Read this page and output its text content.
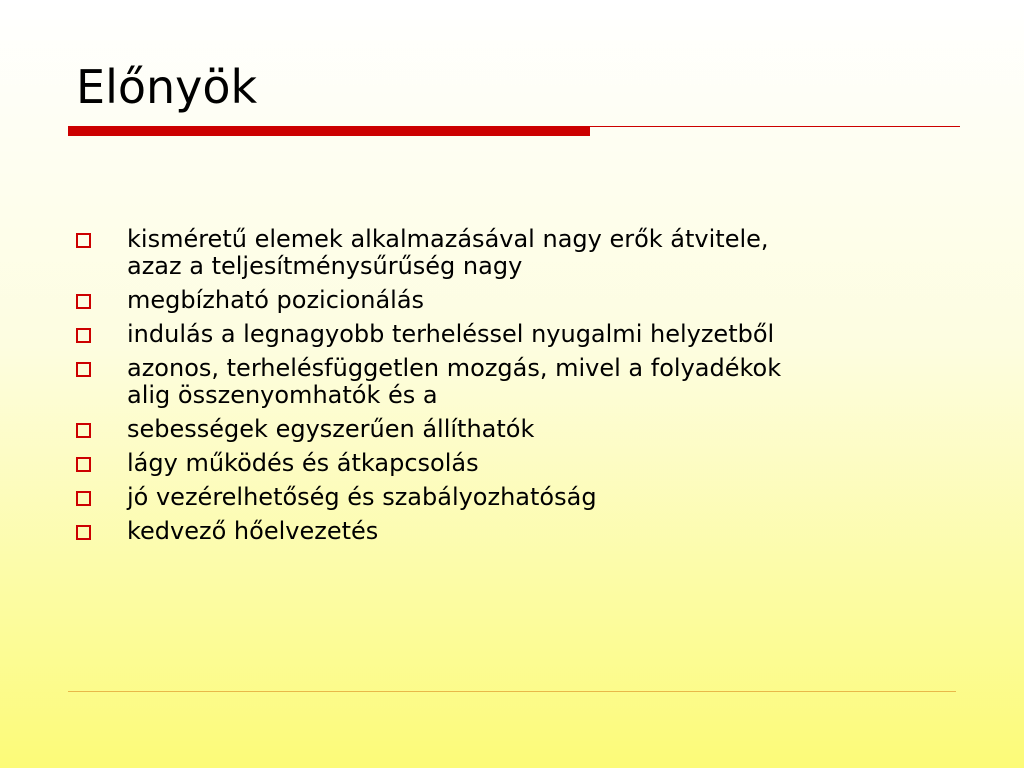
Előnyök
kisméretű elemek alkalmazásával nagy erők átvitele,
azaz a teljesítménysűrűség nagy
megbízható pozicionálás
indulás a legnagyobb terheléssel nyugalmi helyzetből
azonos, terhelésfüggetlen mozgás, mivel a folyadékok
alig összenyomhatók és a
sebességek egyszerűen állíthatók
lágy működés és átkapcsolás
jó vezérelhetőség és szabályozhatóság
kedvező hőelvezetés
